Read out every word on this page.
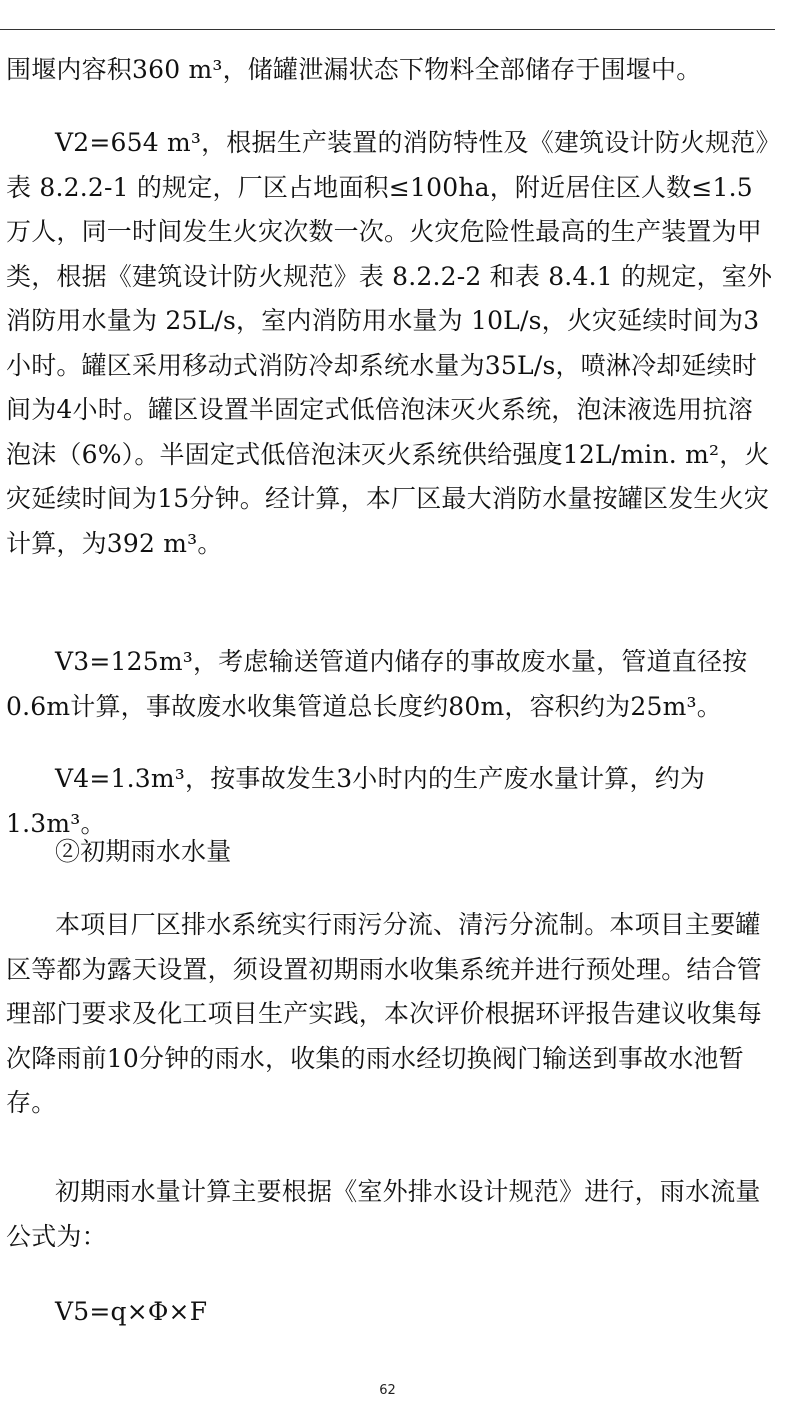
围堰内容积360 m³，储罐泄漏状态下物料全部储存于围堰中。

V2=654 m³，根据生产装置的消防特性及《建筑设计防火规范》表 8.2.2-1 的规定，厂区占地面积≤100ha，附近居住区人数≤1.5万人，同一时间发生火灾次数一次。火灾危险性最高的生产装置为甲类，根据《建筑设计防火规范》表 8.2.2-2 和表 8.4.1 的规定，室外消防用水量为 25L/s，室内消防用水量为 10L/s，火灾延续时间为3 小时。罐区采用移动式消防冷却系统水量为35L/s，喷淋冷却延续时间为4小时。罐区设置半固定式低倍泡沫灭火系统，泡沫液选用抗溶泡沫（6%）。半固定式低倍泡沫灭火系统供给强度12L/min. m²，火灾延续时间为15分钟。经计算，本厂区最大消防水量按罐区发生火灾计算，为392 m³。

V3=125m³，考虑输送管道内储存的事故废水量，管道直径按0.6m计算，事故废水收集管道总长度约80m，容积约为25m³。

V4=1.3m³，按事故发生3小时内的生产废水量计算，约为1.3m³。

②初期雨水水量

本项目厂区排水系统实行雨污分流、清污分流制。本项目主要罐区等都为露天设置，须设置初期雨水收集系统并进行预处理。结合管理部门要求及化工项目生产实践，本次评价根据环评报告建议收集每次降雨前10分钟的雨水，收集的雨水经切换阀门输送到事故水池暂存。

初期雨水量计算主要根据《室外排水设计规范》进行，雨水流量公式为：

V5=q×Φ×F

62
